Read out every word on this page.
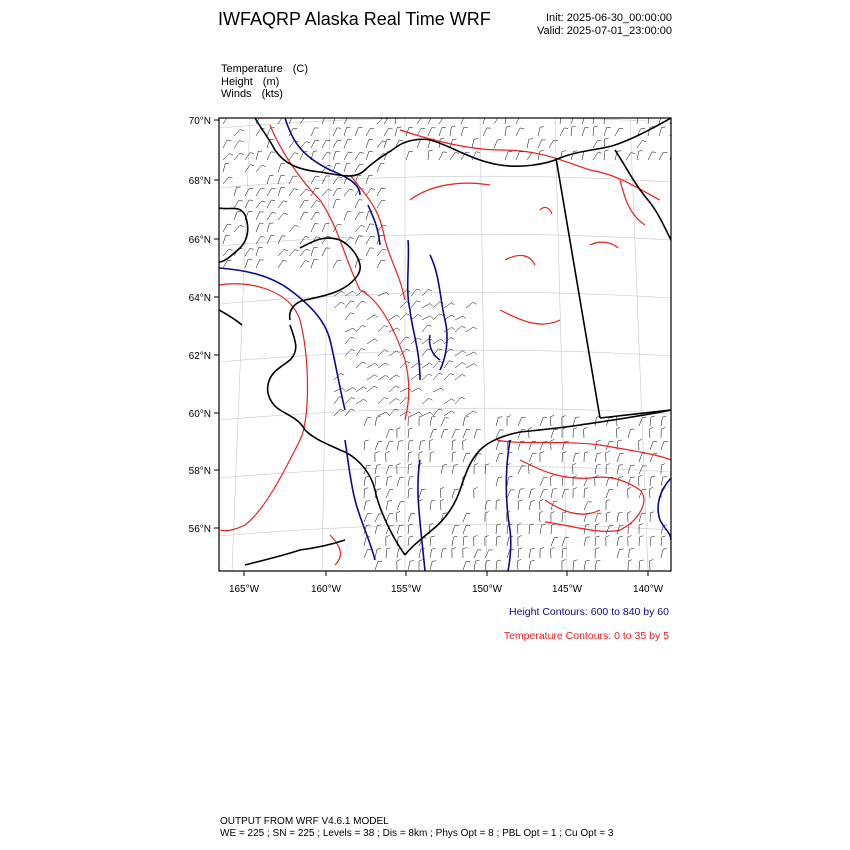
IWFAQRP Alaska Real Time WRF	Init: 2025-06-30_00:00:00
Valid: 2025-07-01_23:00:00
Temperature (C)
Height (m)
Winds (kts)
70°N
68°N
66°N
64°N
62°N
60°N
58°N
56°N
165°W	160°W	155°W	150°W	145°W	140°W
Height Contours: 600 to 840 by 60
Temperature Contours: 0 to 35 by 5
OUTPUT FROM WRF V4.6.1 MODEL
WE = 225 ; SN = 225 ; Levels = 38 ; Dis = 8km ; Phys Opt = 8 ; PBL Opt = 1 ; Cu Opt = 3
